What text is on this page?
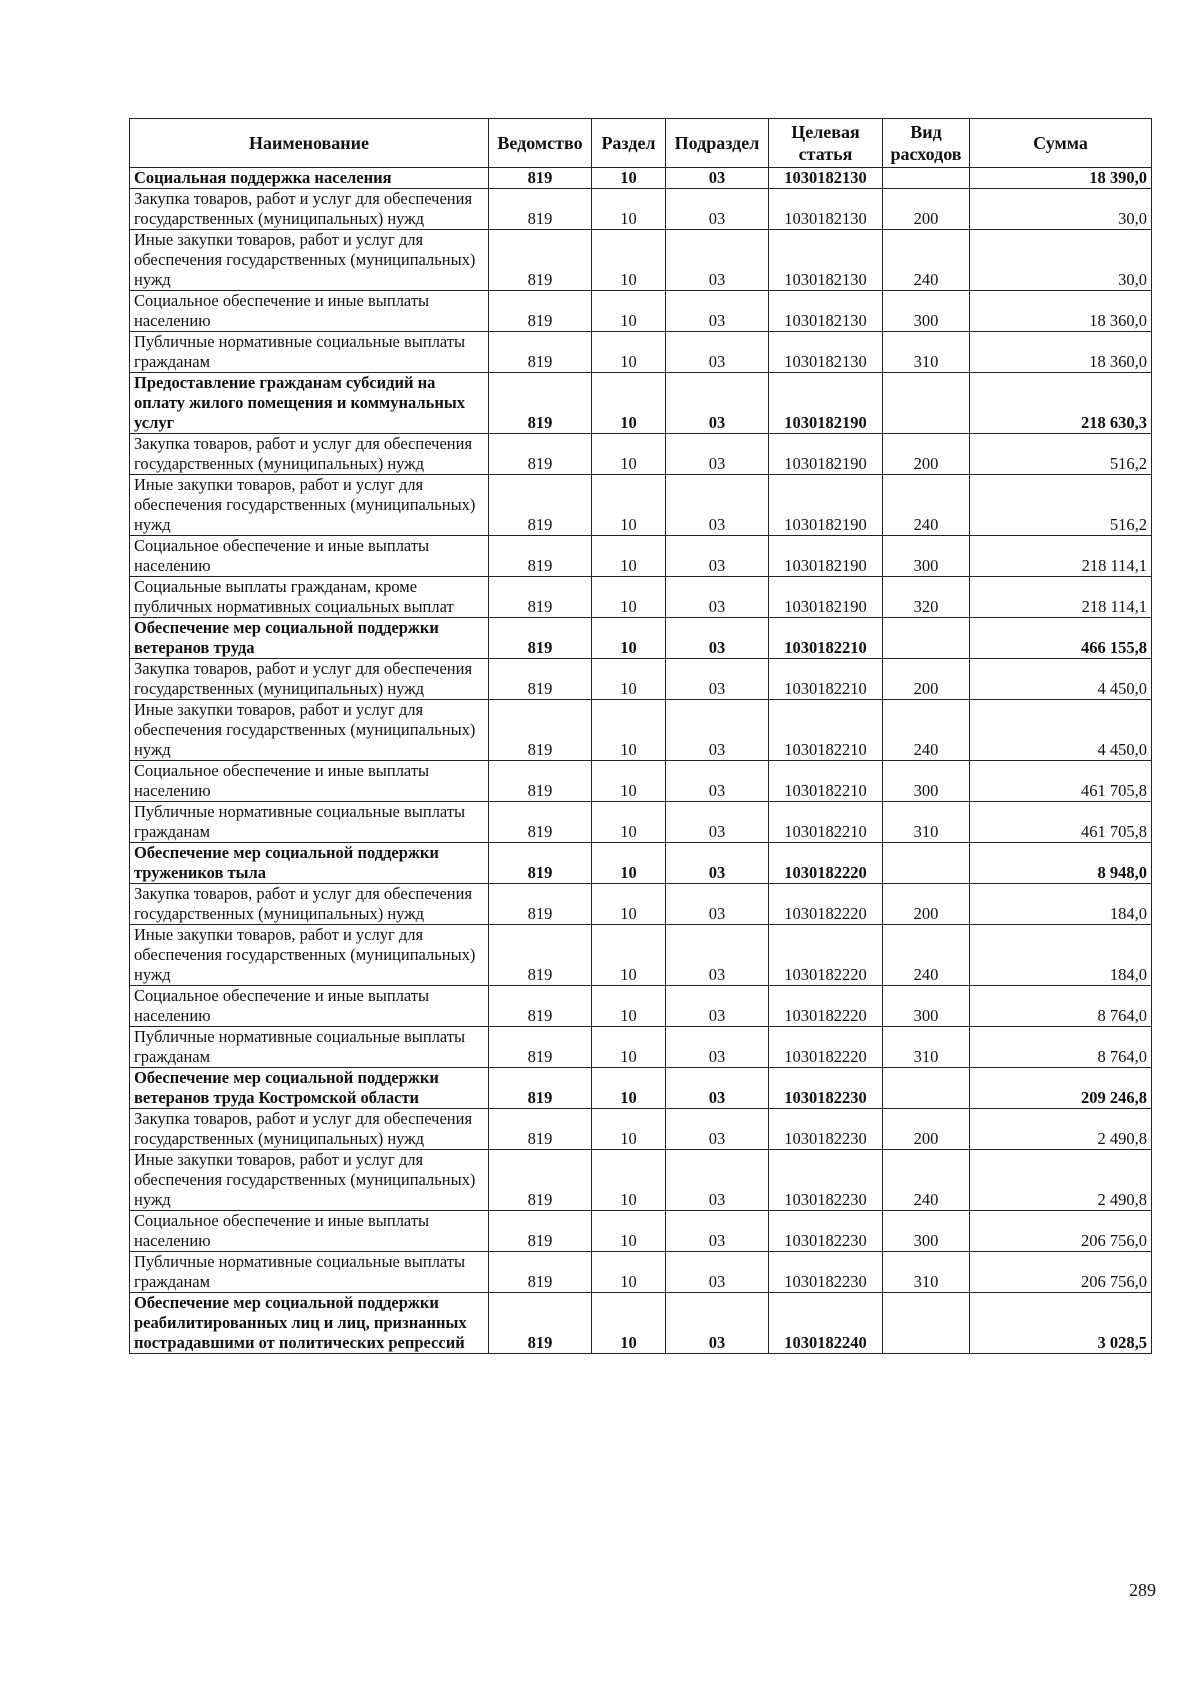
Наименование	Ведомство	Раздел	Подраздел	Целевая статья	Вид расходов	Сумма
Социальная поддержка населения	819	10	03	1030182130		18 390,0
Закупка товаров, работ и услуг для обеспечения государственных (муниципальных) нужд	819	10	03	1030182130	200	30,0
Иные закупки товаров, работ и услуг для обеспечения государственных (муниципальных) нужд	819	10	03	1030182130	240	30,0
Социальное обеспечение и иные выплаты населению	819	10	03	1030182130	300	18 360,0
Публичные нормативные социальные выплаты гражданам	819	10	03	1030182130	310	18 360,0
Предоставление гражданам субсидий на оплату жилого помещения и коммунальных услуг	819	10	03	1030182190		218 630,3
Закупка товаров, работ и услуг для обеспечения государственных (муниципальных) нужд	819	10	03	1030182190	200	516,2
Иные закупки товаров, работ и услуг для обеспечения государственных (муниципальных) нужд	819	10	03	1030182190	240	516,2
Социальное обеспечение и иные выплаты населению	819	10	03	1030182190	300	218 114,1
Социальные выплаты гражданам, кроме публичных нормативных социальных выплат	819	10	03	1030182190	320	218 114,1
Обеспечение мер социальной поддержки ветеранов труда	819	10	03	1030182210		466 155,8
Закупка товаров, работ и услуг для обеспечения государственных (муниципальных) нужд	819	10	03	1030182210	200	4 450,0
Иные закупки товаров, работ и услуг для обеспечения государственных (муниципальных) нужд	819	10	03	1030182210	240	4 450,0
Социальное обеспечение и иные выплаты населению	819	10	03	1030182210	300	461 705,8
Публичные нормативные социальные выплаты гражданам	819	10	03	1030182210	310	461 705,8
Обеспечение мер социальной поддержки тружеников тыла	819	10	03	1030182220		8 948,0
Закупка товаров, работ и услуг для обеспечения государственных (муниципальных) нужд	819	10	03	1030182220	200	184,0
Иные закупки товаров, работ и услуг для обеспечения государственных (муниципальных) нужд	819	10	03	1030182220	240	184,0
Социальное обеспечение и иные выплаты населению	819	10	03	1030182220	300	8 764,0
Публичные нормативные социальные выплаты гражданам	819	10	03	1030182220	310	8 764,0
Обеспечение мер социальной поддержки ветеранов труда Костромской области	819	10	03	1030182230		209 246,8
Закупка товаров, работ и услуг для обеспечения государственных (муниципальных) нужд	819	10	03	1030182230	200	2 490,8
Иные закупки товаров, работ и услуг для обеспечения государственных (муниципальных) нужд	819	10	03	1030182230	240	2 490,8
Социальное обеспечение и иные выплаты населению	819	10	03	1030182230	300	206 756,0
Публичные нормативные социальные выплаты гражданам	819	10	03	1030182230	310	206 756,0
Обеспечение мер социальной поддержки реабилитированных лиц и лиц, признанных пострадавшими от политических репрессий	819	10	03	1030182240		3 028,5
289
